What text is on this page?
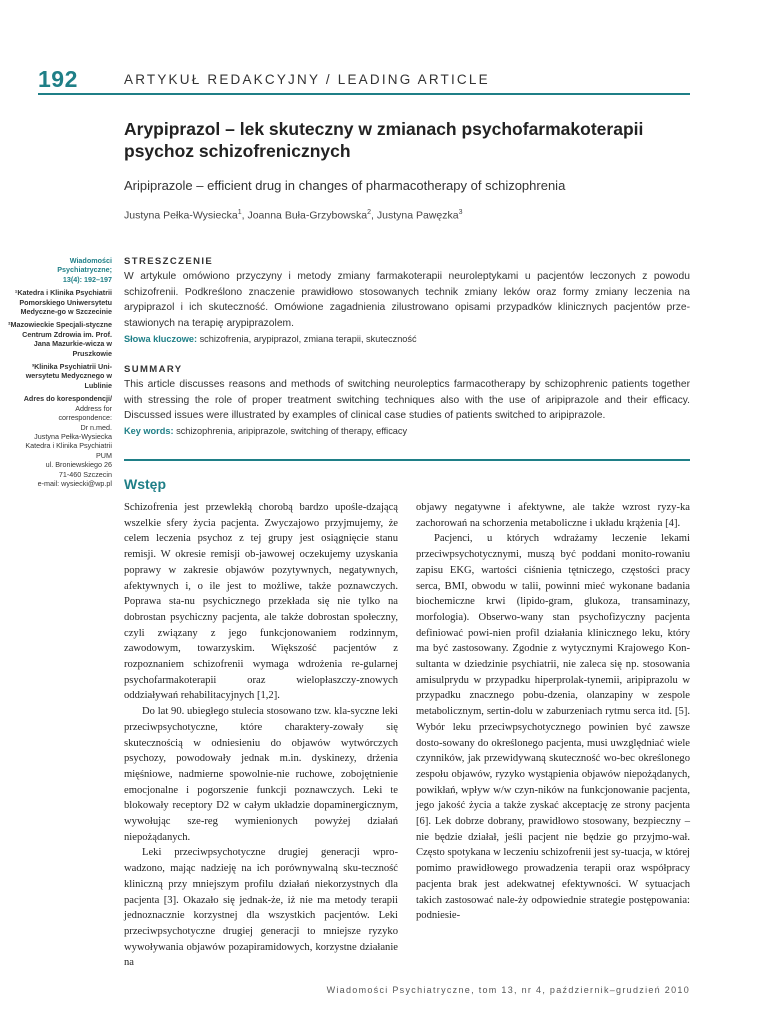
192	ARTYKUŁ REDAKCYJNY / LEADING ARTICLE
Arypiprazol – lek skuteczny w zmianach psychofarmakoterapii psychoz schizofrenicznych
Aripiprazole – efficient drug in changes of pharmacotherapy of schizophrenia
Justyna Pełka-Wysiecka$^1$, Joanna Buła-Grzybowska$^2$, Justyna Pawęzka$^3$
Wiadomości
Psychiatryczne;
13(4): 192–197
¹Katedra i Klinika Psychiatrii Pomorskiego Uniwersytetu Medyczne-go w Szczecinie
²Mazowieckie Specjali-styczne Centrum Zdrowia im. Prof. Jana Mazurkie-wicza w Pruszkowie
³Klinika Psychiatrii Uni-wersytetu Medycznego w Lublinie
Adres do korespondencji/
Address for
correspondence:
Dr n.med.
Justyna Pełka-Wysiecka
Katedra i Klinika Psychiatrii
PUM
ul. Broniewskiego 26
71-460 Szczecin
e-mail: wysiecki@wp.pl
STRESZCZENIE
W artykule omówiono przyczyny i metody zmiany farmakoterapii neuroleptykami u pacjentów leczonych z powodu schizofrenii. Podkreślono znaczenie prawidłowo stosowanych technik zmiany leków oraz formy zmiany leczenia na arypiprazol i ich skuteczność. Omówione zagadnienia zilustrowano opisami przypadków klinicznych pacjentów prze-stawionych na terapię arypiprazolem.
Słowa kluczowe: schizofrenia, arypiprazol, zmiana terapii, skuteczność
SUMMARY
This article discusses reasons and methods of switching neuroleptics farmacotherapy by schizophrenic patients together with stressing the role of proper treatment switching techniques also with the use of aripiprazole and their efficacy. Discussed issues were illustrated by examples of clinical case studies of patients switched to aripiprazole.
Key words: schizophrenia, aripiprazole, switching of therapy, efficacy
Wstęp

Schizofrenia jest przewlekłą chorobą bardzo upośle-dzającą wszelkie sfery życia pacjenta. Zwyczajowo przyjmujemy, że celem leczenia psychoz z tej grupy jest osiągnięcie stanu remisji. W okresie remisji ob-jawowej oczekujemy uzyskania poprawy w zakresie objawów pozytywnych, negatywnych, afektywnych i, o ile jest to możliwe, także poznawczych. Poprawa sta-nu psychicznego przekłada się nie tylko na dobrostan psychiczny pacjenta, ale także dobrostan społeczny, czyli związany z jego funkcjonowaniem rodzinnym, zawodowym, towarzyskim. Większość pacjentów z rozpoznaniem schizofrenii wymaga wdrożenia re-gularnej psychofarmakoterapii oraz wielopłaszczy-znowych oddziaływań rehabilitacyjnych [1,2].

Do lat 90. ubiegłego stulecia stosowano tzw. kla-syczne leki przeciwpsychotyczne, które charaktery-zowały się skutecznością w odniesieniu do objawów wytwórczych psychozy, powodowały jednak m.in. dyskinezy, drżenia mięśniowe, nadmierne spowolnie-nie ruchowe, zobojętnienie emocjonalne i pogorszenie funkcji poznawczych. Leki te blokowały receptory D2 w całym układzie dopaminergicznym, wywołując sze-reg wymienionych powyżej działań niepożądanych.

Leki przeciwpsychotyczne drugiej generacji wpro-wadzono, mając nadzieję na ich porównywalną sku-teczność kliniczną przy mniejszym profilu działań niekorzystnych dla pacjenta [3]. Okazało się jednak-że, iż nie ma metody terapii jednoznacznie korzystnej dla wszystkich pacjentów. Leki przeciwpsychotyczne drugiej generacji to mniejsze ryzyko wywoływania objawów pozapiramidowych, korzystne działanie na

objawy negatywne i afektywne, ale także wzrost ryzy-ka zachorowań na schorzenia metaboliczne i układu krążenia [4].

Pacjenci, u których wdrażamy leczenie lekami przeciwpsychotycznymi, muszą być poddani monito-rowaniu zapisu EKG, wartości ciśnienia tętniczego, częstości pracy serca, BMI, obwodu w talii, powinni mieć wykonane badania biochemiczne krwi (lipido-gram, glukoza, transaminazy, morfologia). Obserwo-wany stan psychofizyczny pacjenta definiować powi-nien profil działania klinicznego leku, który ma być zastosowany. Zgodnie z wytycznymi Krajowego Kon-sultanta w dziedzinie psychiatrii, nie zaleca się np. stosowania amisulprydu w przypadku hiperprolak-tynemii, aripiprazolu w przypadku znacznego pobu-dzenia, olanzapiny w zespole metabolicznym, sertin-dolu w zaburzeniach rytmu serca itd. [5]. Wybór leku przeciwpsychotycznego powinien być zawsze dosto-sowany do określonego pacjenta, musi uwzględniać wiele czynników, jak przewidywaną skuteczność wo-bec określonego zespołu objawów, ryzyko wystąpienia objawów niepożądanych, powikłań, wpływ w/w czyn-ników na funkcjonowanie pacjenta, jego jakość życia a także zyskać akceptację ze strony pacjenta [6]. Lek dobrze dobrany, prawidłowo stosowany, bezpieczny – nie będzie działał, jeśli pacjent nie będzie go przyjmo-wał. Często spotykana w leczeniu schizofrenii jest sy-tuacja, w której pomimo prawidłowego prowadzenia terapii oraz współpracy pacjenta brak jest adekwatnej efektywności. W sytuacjach takich zastosować nale-ży odpowiednie strategie postępowania: podniesie-

Wiadomości Psychiatryczne, tom 13, nr 4, październik–grudzień 2010
